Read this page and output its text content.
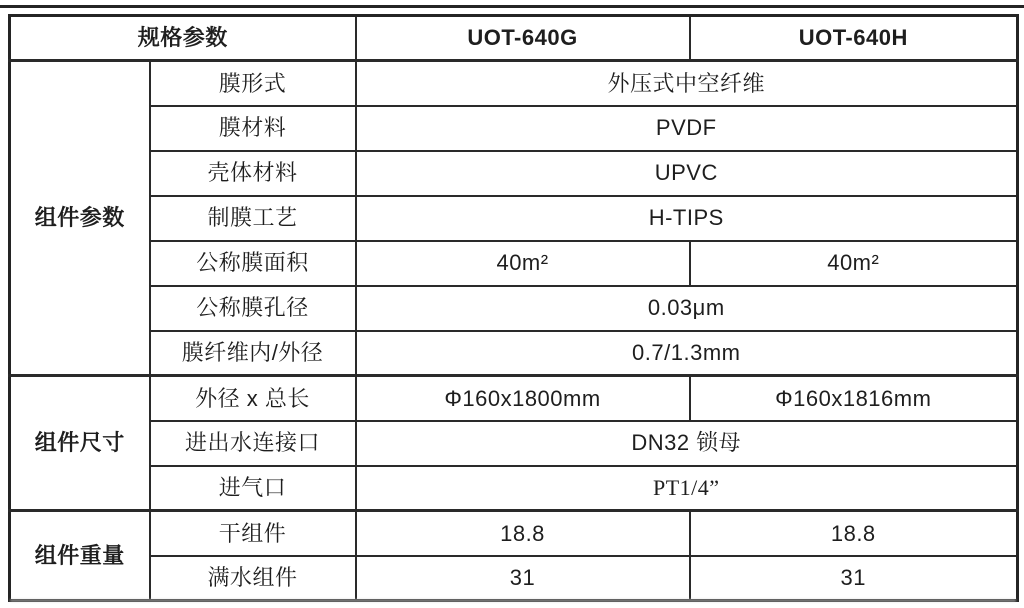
规格参数		UOT-640G	UOT-640H
组件参数	膜形式	外压式中空纤维	
	膜材料	PVDF	
	壳体材料	UPVC	
	制膜工艺	H-TIPS	
	公称膜面积	40m²	40m²
	公称膜孔径	0.03μm	
	膜纤维内/外径	0.7/1.3mm	
组件尺寸	外径 x 总长	Φ160x1800mm	Φ160x1816mm
	进出水连接口	DN32 锁母	
	进气口	PT1/4”	
组件重量	干组件	18.8	18.8
	满水组件	31	31
